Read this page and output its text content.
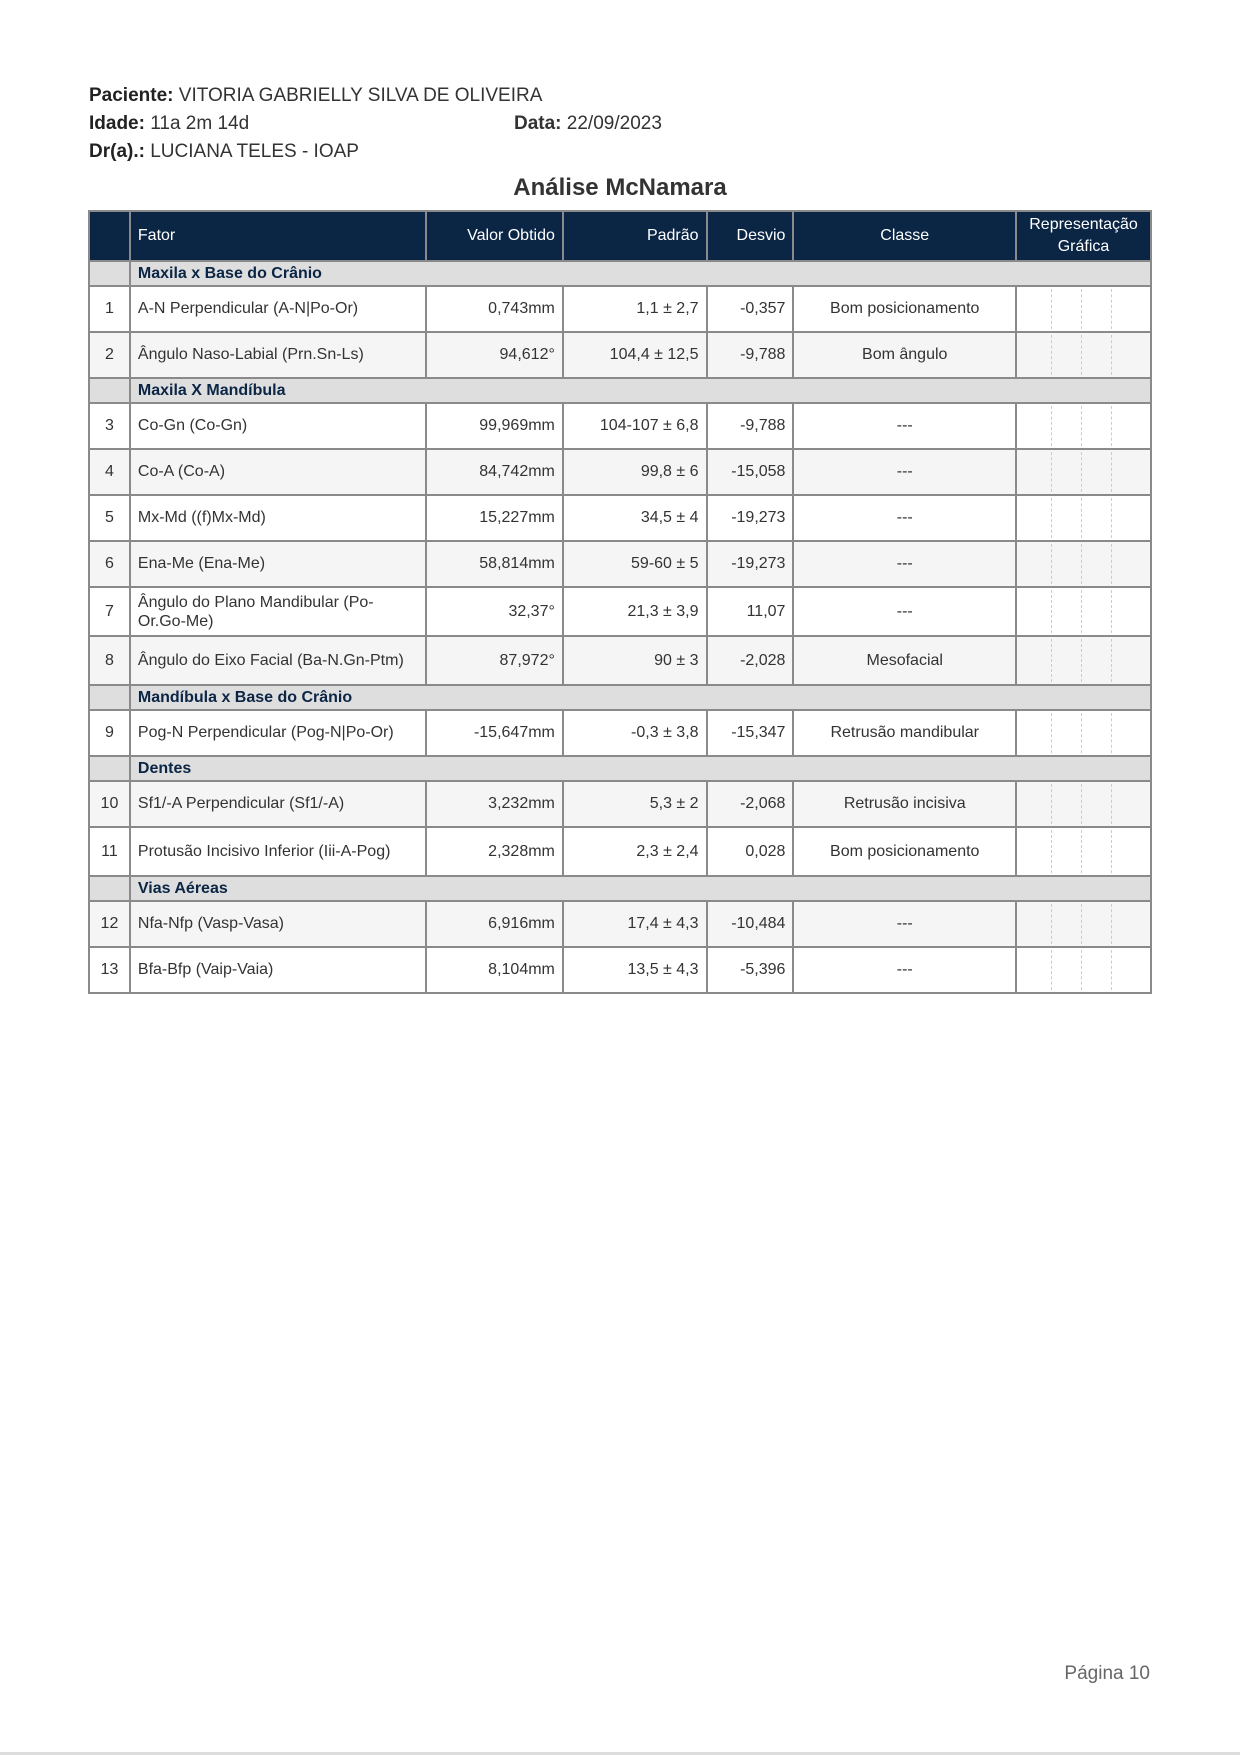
Paciente: VITORIA GABRIELLY SILVA DE OLIVEIRA
Idade: 11a 2m 14d	Data: 22/09/2023
Dr(a).: LUCIANA TELES - IOAP
Análise McNamara
	Fator	Valor Obtido	Padrão	Desvio	Classe	Representação Gráfica
	Maxila x Base do Crânio					
1	A-N Perpendicular (A-N|Po-Or)	0,743mm	1,1 ± 2,7	-0,357	Bom posicionamento	

2	Ângulo Naso-Labial (Prn.Sn-Ls)	94,612°	104,4 ± 12,5	-9,788	Bom ângulo	

	Maxila X Mandíbula					
3	Co-Gn (Co-Gn)	99,969mm	104-107 ± 6,8	-9,788	---	

4	Co-A (Co-A)	84,742mm	99,8 ± 6	-15,058	---	

5	Mx-Md ((f)Mx-Md)	15,227mm	34,5 ± 4	-19,273	---	

6	Ena-Me (Ena-Me)	58,814mm	59-60 ± 5	-19,273	---	

7	Ângulo do Plano Mandibular (Po-Or.Go-Me)	32,37°	21,3 ± 3,9	11,07	---	

8	Ângulo do Eixo Facial (Ba-N.Gn-Ptm)	87,972°	90 ± 3	-2,028	Mesofacial	

	Mandíbula x Base do Crânio					
9	Pog-N Perpendicular (Pog-N|Po-Or)	-15,647mm	-0,3 ± 3,8	-15,347	Retrusão mandibular	

	Dentes					
10	Sf1/-A Perpendicular (Sf1/-A)	3,232mm	5,3 ± 2	-2,068	Retrusão incisiva	

11	Protusão Incisivo Inferior (Iii-A-Pog)	2,328mm	2,3 ± 2,4	0,028	Bom posicionamento	

	Vias Aéreas					
12	Nfa-Nfp (Vasp-Vasa)	6,916mm	17,4 ± 4,3	-10,484	---	

13	Bfa-Bfp (Vaip-Vaia)	8,104mm	13,5 ± 4,3	-5,396	---	
Página 10
